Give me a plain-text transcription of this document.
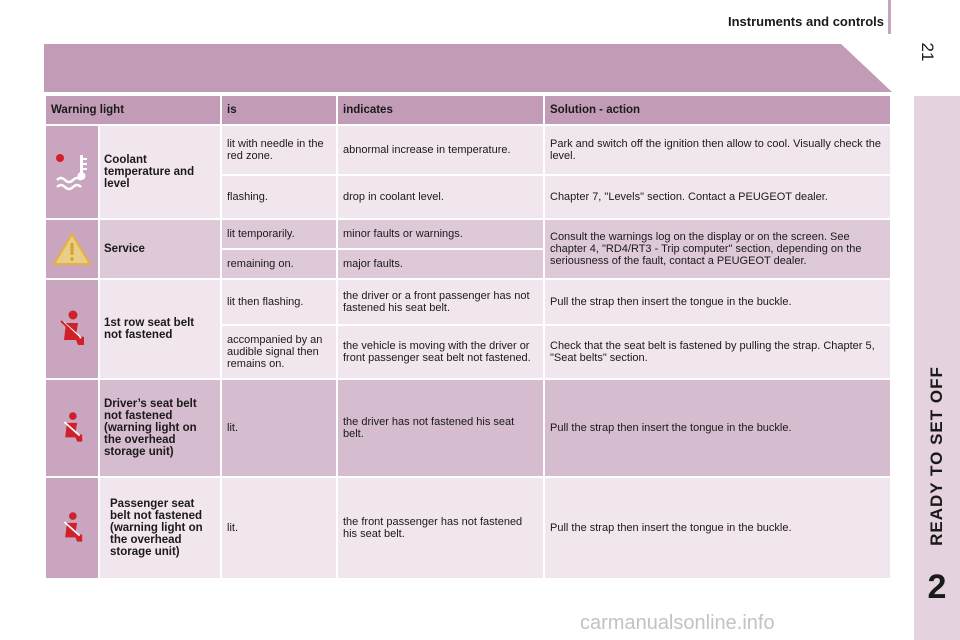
Instruments and controls
21
READY TO SET OFF
2
Warning light		is	indicates	Solution - action

	Coolant temperature and level	lit with needle in the red zone.	abnormal increase in temperature.	Park and switch off the ignition then allow to cool. Visually check the level.
		flashing.	drop in coolant level.	Chapter 7, "Levels" section. Contact a PEUGEOT dealer.

	Service	lit temporarily.	minor faults or warnings.	Consult the warnings log on the display or on the screen. See chapter 4, "RD4/RT3 - Trip computer" section, depending on the seriousness of the fault, contact a PEUGEOT dealer.
		remaining on.	major faults.	

	1st row seat belt not fastened	lit then flashing.	the driver or a front passenger has not fastened his seat belt.	Pull the strap then insert the tongue in the buckle.
		accompanied by an audible signal then remains on.	the vehicle is moving with the driver or front passenger seat belt not fastened.	Check that the seat belt is fastened by pulling the strap. Chapter 5, "Seat belts" section.

	Driver’s seat belt not fastened (warning light on the overhead storage unit)	lit.	the driver has not fastened his seat belt.	Pull the strap then insert the tongue in the buckle.

	Passenger seat belt not fastened (warning light on the overhead storage unit)	lit.	the front passenger has not fastened his seat belt.	Pull the strap then insert the tongue in the buckle.
carmanualsonline.info
